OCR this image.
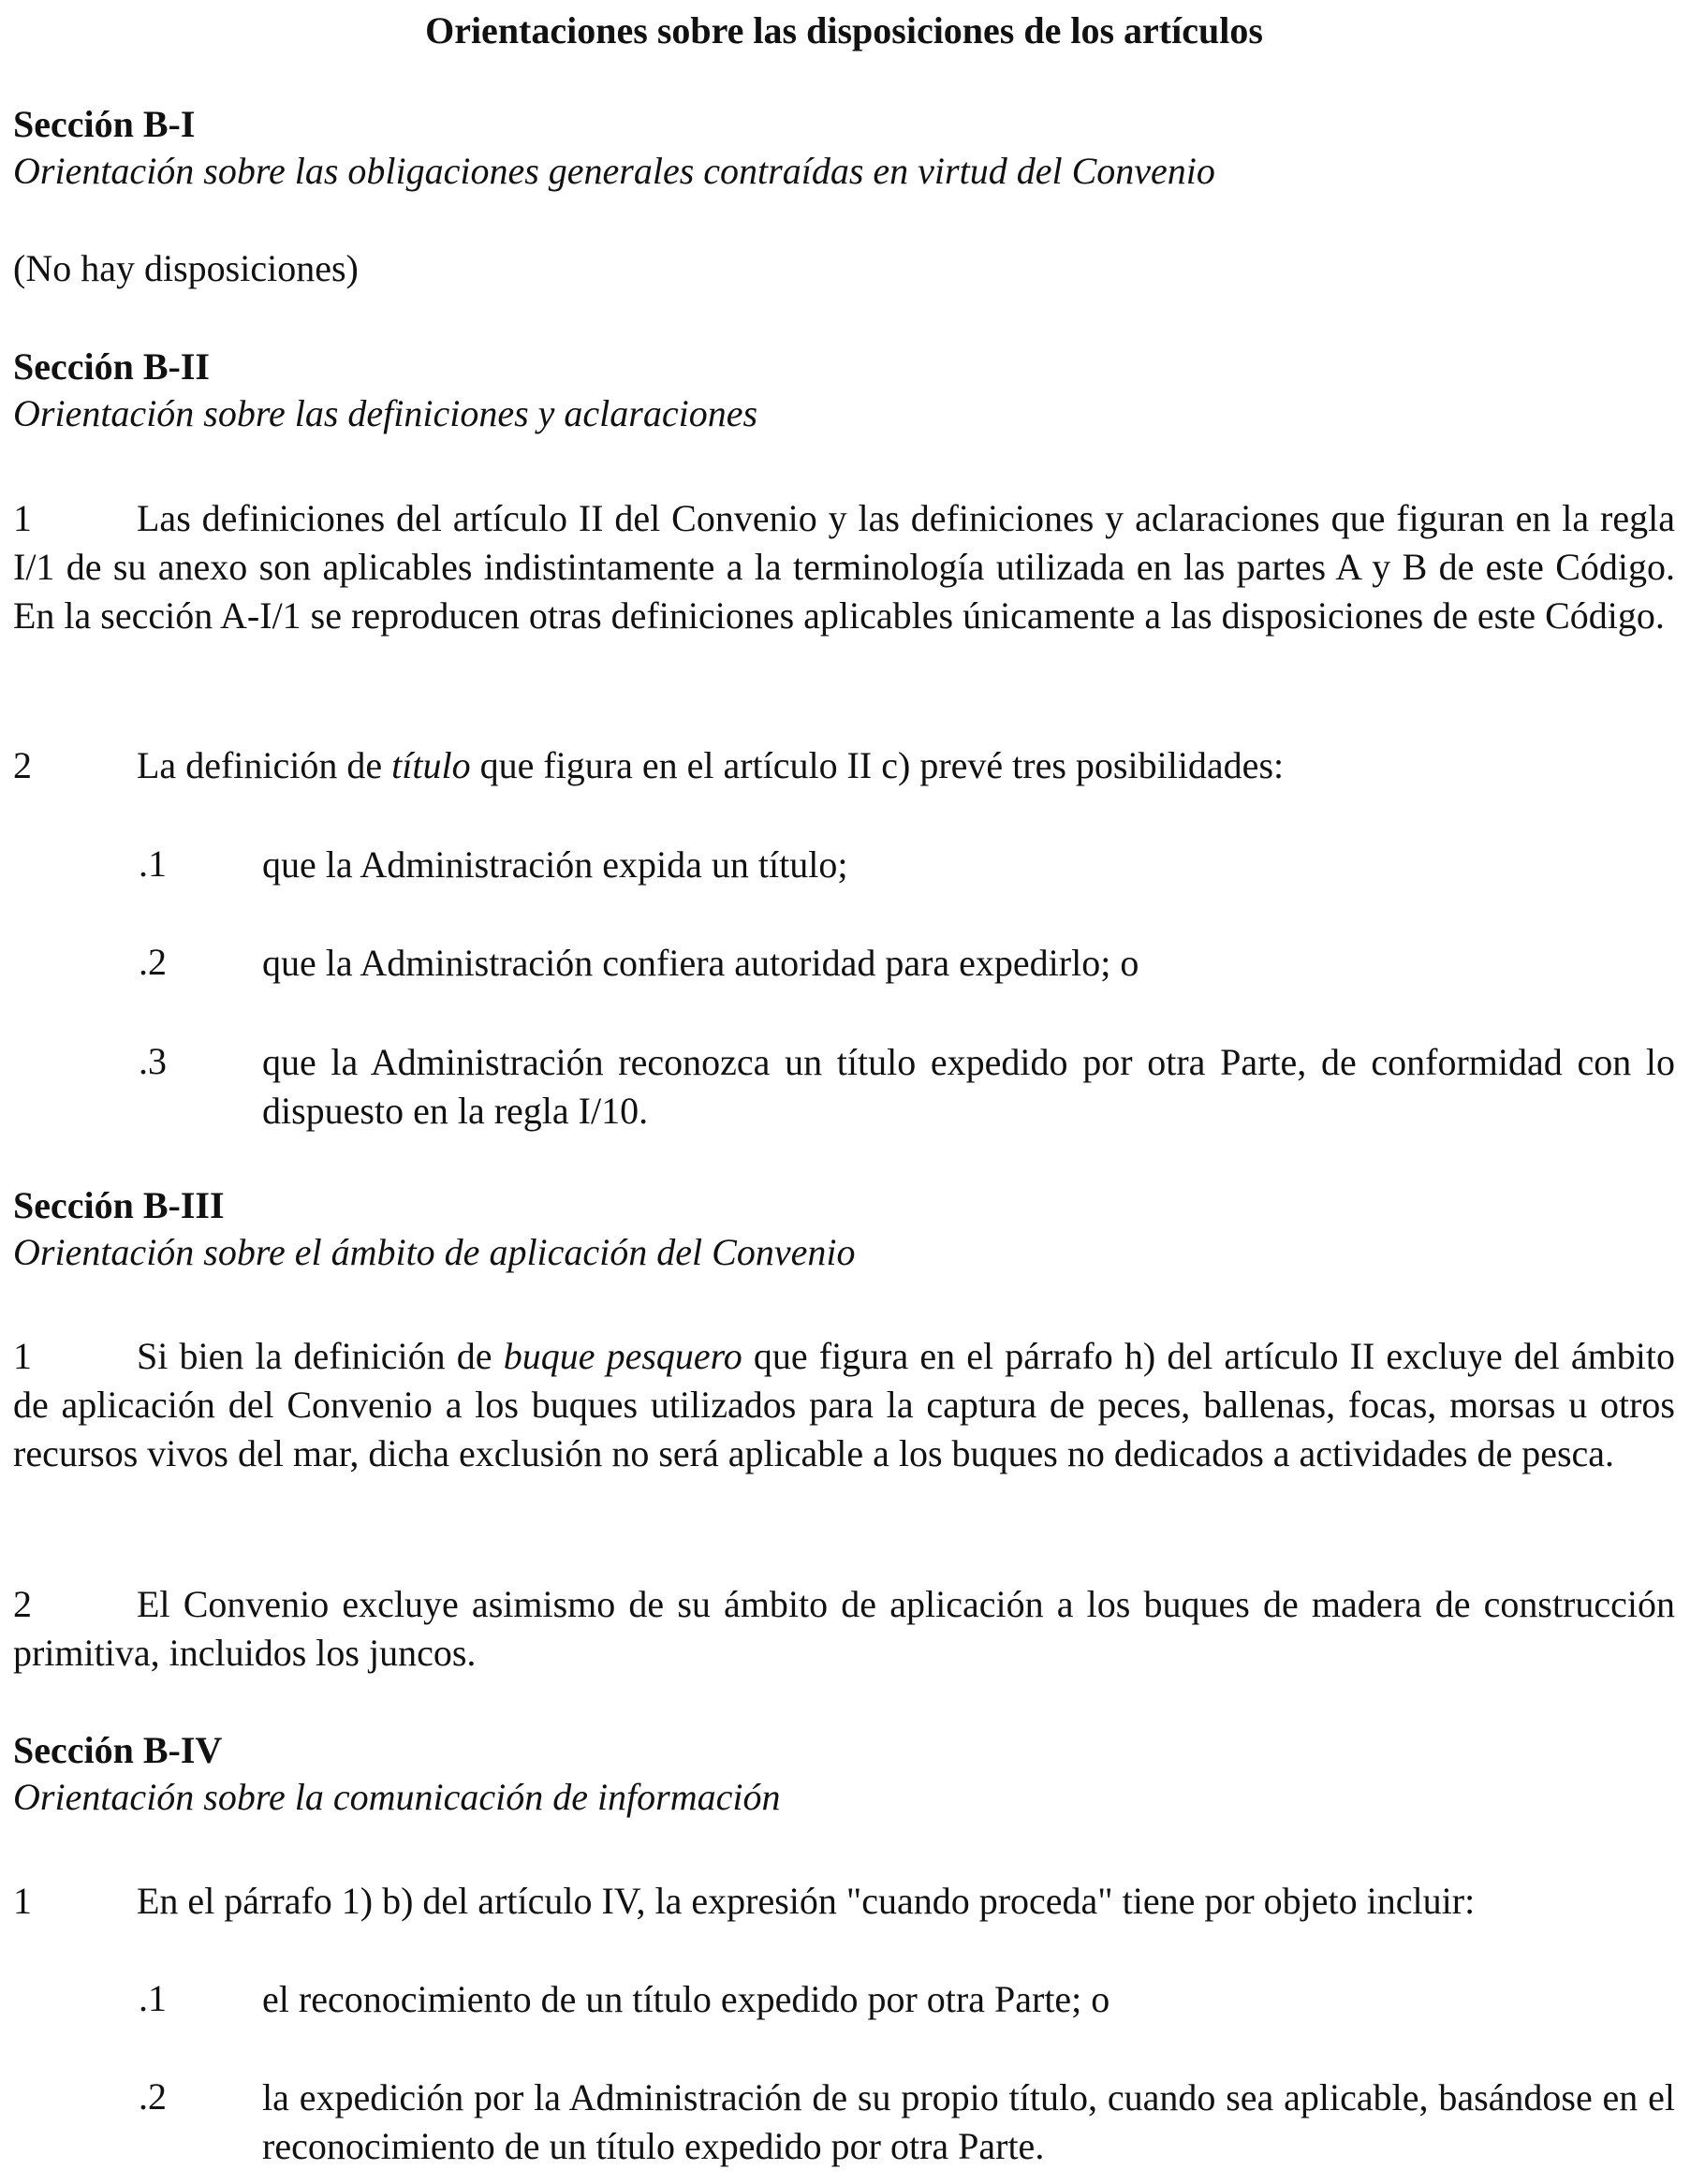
Orientaciones sobre las disposiciones de los artículos

Sección B-I

Orientación sobre las obligaciones generales contraídas en virtud del Convenio

(No hay disposiciones)

Sección B-II

Orientación sobre las definiciones y aclaraciones

1	Las definiciones del artículo II del Convenio y las definiciones y aclaraciones que figuran en la regla I/1 de su anexo son aplicables indistintamente a la terminología utilizada en las partes A y B de este Código. En la sección A-I/1 se reproducen otras definiciones aplicables únicamente a las disposiciones de este Código.

2	La definición de título que figura en el artículo II c) prevé tres posibilidades:

.1	que la Administración expida un título;
.2	que la Administración confiera autoridad para expedirlo; o
.3	que la Administración reconozca un título expedido por otra Parte, de conformidad con lo dispuesto en la regla I/10.

Sección B-III

Orientación sobre el ámbito de aplicación del Convenio

1	Si bien la definición de buque pesquero que figura en el párrafo h) del artículo II excluye del ámbito de aplicación del Convenio a los buques utilizados para la captura de peces, ballenas, focas, morsas u otros recursos vivos del mar, dicha exclusión no será aplicable a los buques no dedicados a actividades de pesca.

2	El Convenio excluye asimismo de su ámbito de aplicación a los buques de madera de construcción primitiva, incluidos los juncos.

Sección B-IV

Orientación sobre la comunicación de información

1	En el párrafo 1) b) del artículo IV, la expresión "cuando proceda" tiene por objeto incluir:

.1	el reconocimiento de un título expedido por otra Parte; o
.2	la expedición por la Administración de su propio título, cuando sea aplicable, basándose en el reconocimiento de un título expedido por otra Parte.
